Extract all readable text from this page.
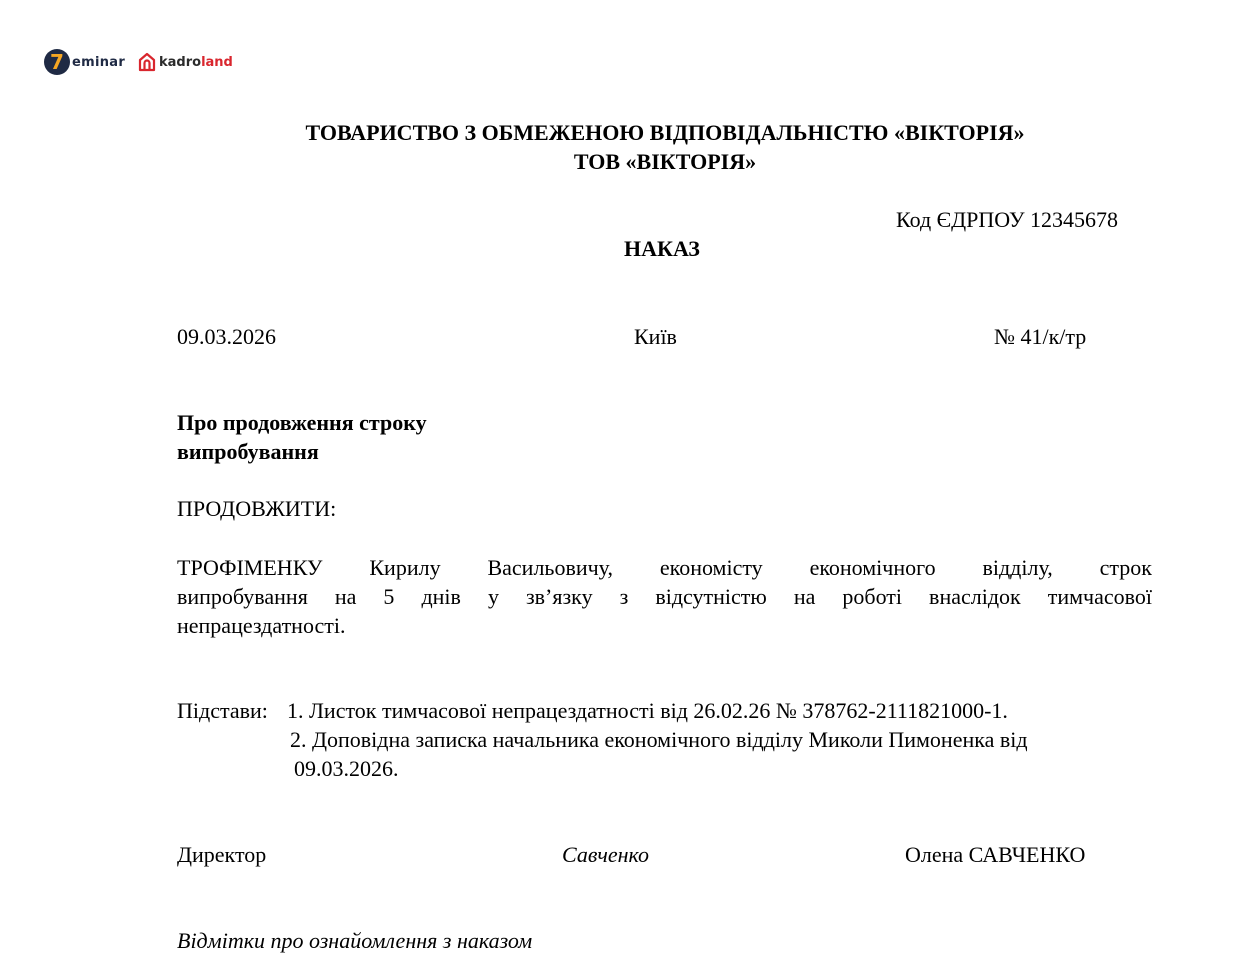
7 eminar	kadroland
ТОВАРИСТВО З ОБМЕЖЕНОЮ ВІДПОВІДАЛЬНІСТЮ «ВІКТОРІЯ»
ТОВ «ВІКТОРІЯ»
Код ЄДРПОУ 12345678
НАКАЗ
09.03.2026	Київ	№ 41/к/тр
Про продовження строку
випробування
ПРОДОВЖИТИ:
ТРОФІМЕНКУ Кирилу Васильовичу, економісту економічного відділу, строк
випробування на 5 днів у зв’язку з відсутністю на роботі внаслідок тимчасової
непрацездатності.
Підстави: 1. Листок тимчасової непрацездатності від 26.02.26 № 378762-2111821000-1.
2. Доповідна записка начальника економічного відділу Миколи Пимоненка від
09.03.2026.
Директор	Савченко	Олена САВЧЕНКО
Відмітки про ознайомлення з наказом
